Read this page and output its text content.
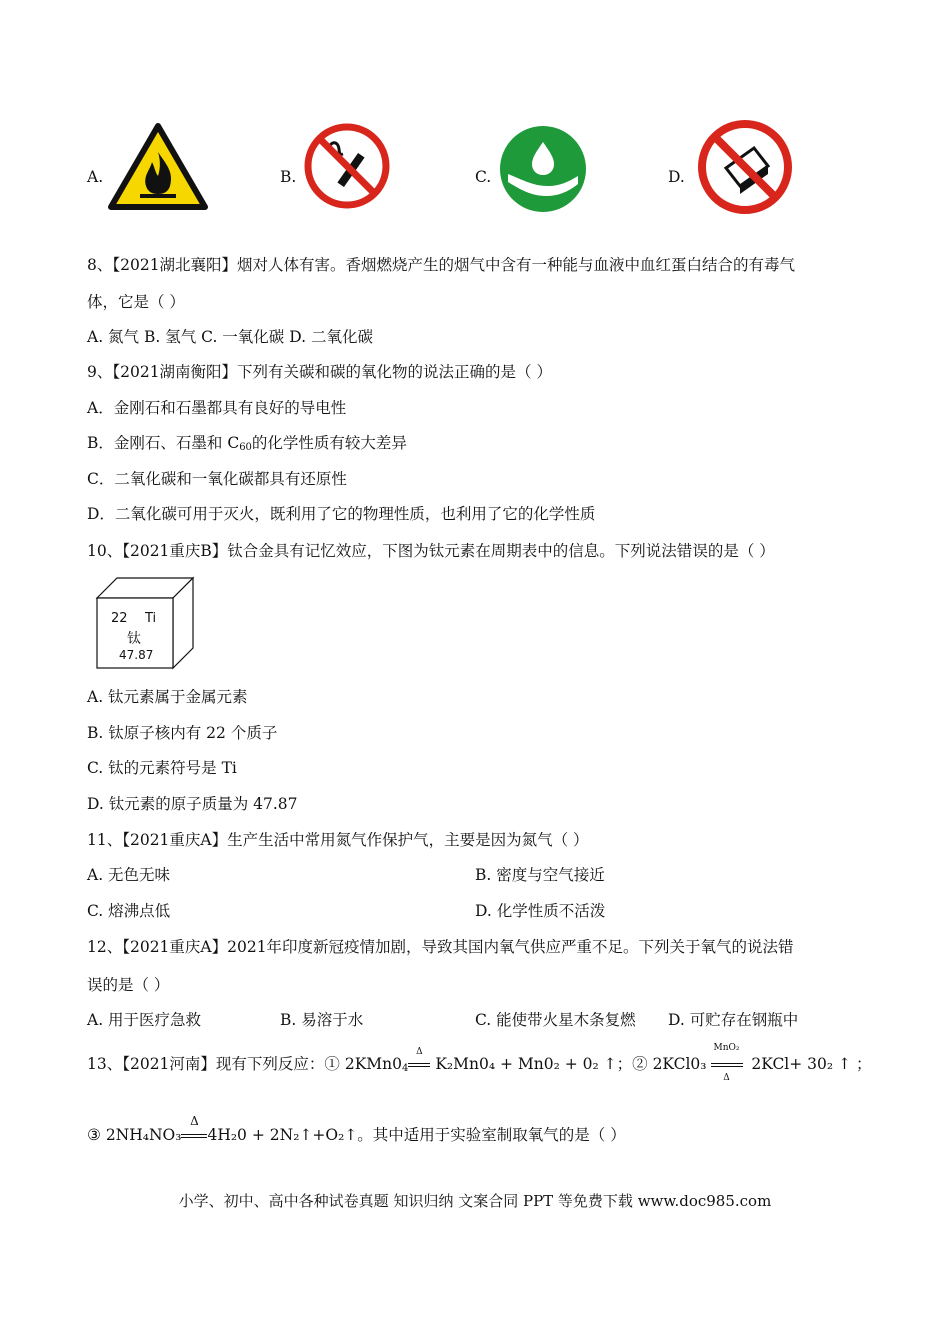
A.	B.	C.	D.
8、【2021湖北襄阳】烟对人体有害。香烟燃烧产生的烟气中含有一种能与血液中血红蛋白结合的有毒气
体，它是（ ）
A. 氮气 B. 氢气 C. 一氧化碳 D. 二氧化碳
9、【2021湖南衡阳】下列有关碳和碳的氧化物的说法正确的是（ ）
A．金刚石和石墨都具有良好的导电性
B．金刚石、石墨和 $C_{60}$的化学性质有较大差异
C．二氧化碳和一氧化碳都具有还原性
D．二氧化碳可用于灭火，既利用了它的物理性质，也利用了它的化学性质
10、【2021重庆B】钛合金具有记忆效应，下图为钛元素在周期表中的信息。下列说法错误的是（ ）
22 Ti
钛
47.87
A. 钛元素属于金属元素
B. 钛原子核内有 22 个质子
C. 钛的元素符号是 Ti
D. 钛元素的原子质量为 47.87
11、【2021重庆A】生产生活中常用氮气作保护气，主要是因为氮气（ ）
A. 无色无味	B. 密度与空气接近
C. 熔沸点低	D. 化学性质不活泼
12、【2021重庆A】2021年印度新冠疫情加剧，导致其国内氧气供应严重不足。下列关于氧气的说法错
误的是（ ）
A. 用于医疗急救	B. 易溶于水	C. 能使带火星木条复燃 D. 可贮存在钢瓶中
13、【2021河南】现有下列反应：① $2KMn0_4$
Δ
K₂Mn0₄ + Mn0₂ + 0₂ ↑；② 2KCl0₃
MnO₂
Δ
2KCl+ 30₂ ↑ ；
③ 2NH₄NO₃
Δ
4H₂0 + 2N₂↑+O₂↑。其中适用于实验室制取氧气的是（ ）
小学、初中、高中各种试卷真题 知识归纳 文案合同 PPT 等免费下载 www.doc985.com
